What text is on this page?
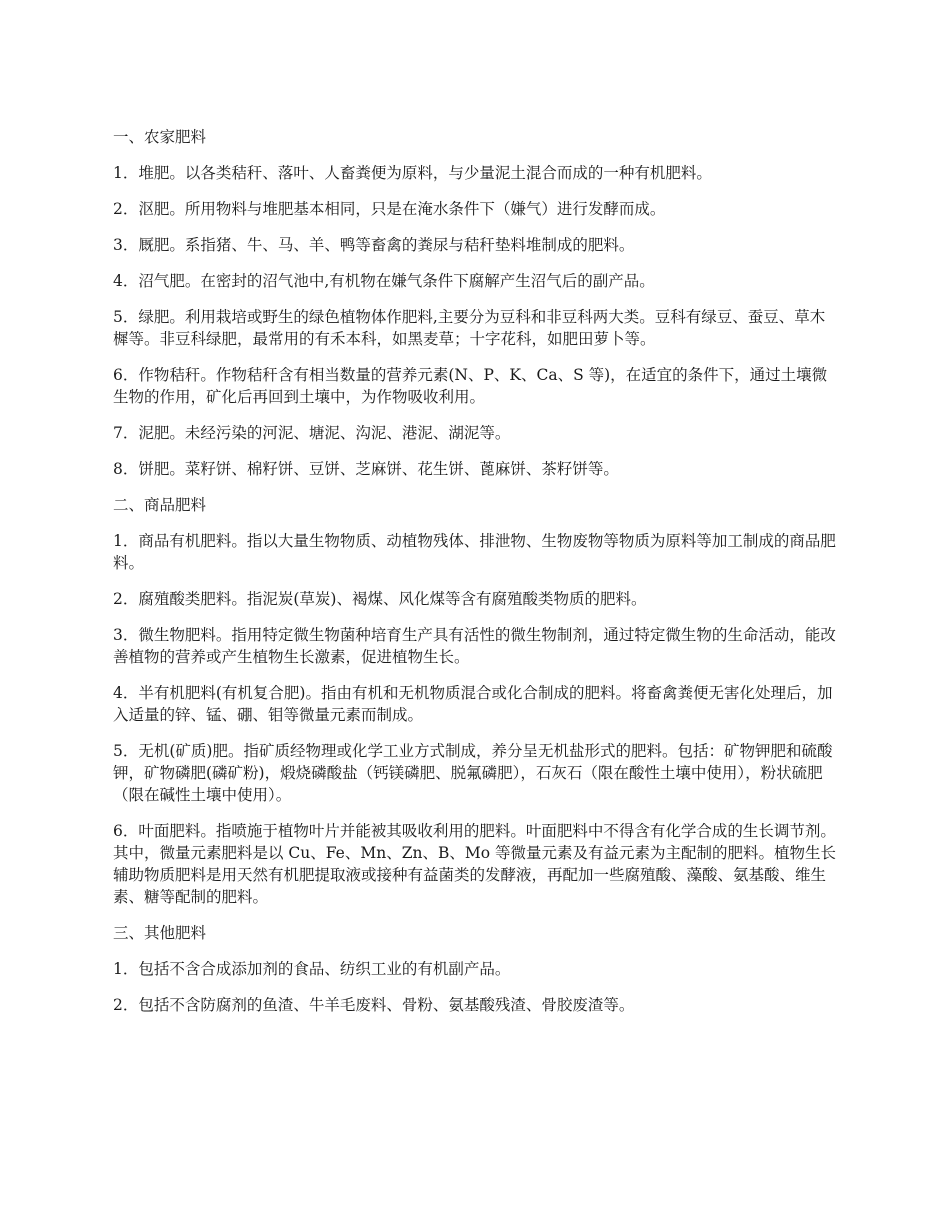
一、农家肥料

1．堆肥。以各类秸秆、落叶、人畜粪便为原料，与少量泥土混合而成的一种有机肥料。

2．沤肥。所用物料与堆肥基本相同，只是在淹水条件下（嫌气）进行发酵而成。

3．厩肥。系指猪、牛、马、羊、鸭等畜禽的粪尿与秸秆垫料堆制成的肥料。

4．沼气肥。在密封的沼气池中,有机物在嫌气条件下腐解产生沼气后的副产品。

5．绿肥。利用栽培或野生的绿色植物体作肥料,主要分为豆科和非豆科两大类。豆科有绿豆、蚕豆、草木樨等。非豆科绿肥，最常用的有禾本科，如黑麦草；十字花科，如肥田萝卜等。

6．作物秸秆。作物秸秆含有相当数量的营养元素(N、P、K、Ca、S 等)，在适宜的条件下，通过土壤微生物的作用，矿化后再回到土壤中，为作物吸收利用。

7．泥肥。未经污染的河泥、塘泥、沟泥、港泥、湖泥等。

8．饼肥。菜籽饼、棉籽饼、豆饼、芝麻饼、花生饼、蓖麻饼、茶籽饼等。

二、商品肥料

1．商品有机肥料。指以大量生物物质、动植物残体、排泄物、生物废物等物质为原料等加工制成的商品肥料。

2．腐殖酸类肥料。指泥炭(草炭)、褐煤、风化煤等含有腐殖酸类物质的肥料。

3．微生物肥料。指用特定微生物菌种培育生产具有活性的微生物制剂，通过特定微生物的生命活动，能改善植物的营养或产生植物生长激素，促进植物生长。

4．半有机肥料(有机复合肥)。指由有机和无机物质混合或化合制成的肥料。将畜禽粪便无害化处理后，加入适量的锌、锰、硼、钼等微量元素而制成。

5．无机(矿质)肥。指矿质经物理或化学工业方式制成，养分呈无机盐形式的肥料。包括：矿物钾肥和硫酸钾，矿物磷肥(磷矿粉)，煅烧磷酸盐（钙镁磷肥、脱氟磷肥），石灰石（限在酸性土壤中使用），粉状硫肥（限在碱性土壤中使用）。

6．叶面肥料。指喷施于植物叶片并能被其吸收利用的肥料。叶面肥料中不得含有化学合成的生长调节剂。其中，微量元素肥料是以 Cu、Fe、Mn、Zn、B、Mo 等微量元素及有益元素为主配制的肥料。植物生长辅助物质肥料是用天然有机肥提取液或接种有益菌类的发酵液，再配加一些腐殖酸、藻酸、氨基酸、维生素、糖等配制的肥料。

三、其他肥料

1．包括不含合成添加剂的食品、纺织工业的有机副产品。

2．包括不含防腐剂的鱼渣、牛羊毛废料、骨粉、氨基酸残渣、骨胶废渣等。
